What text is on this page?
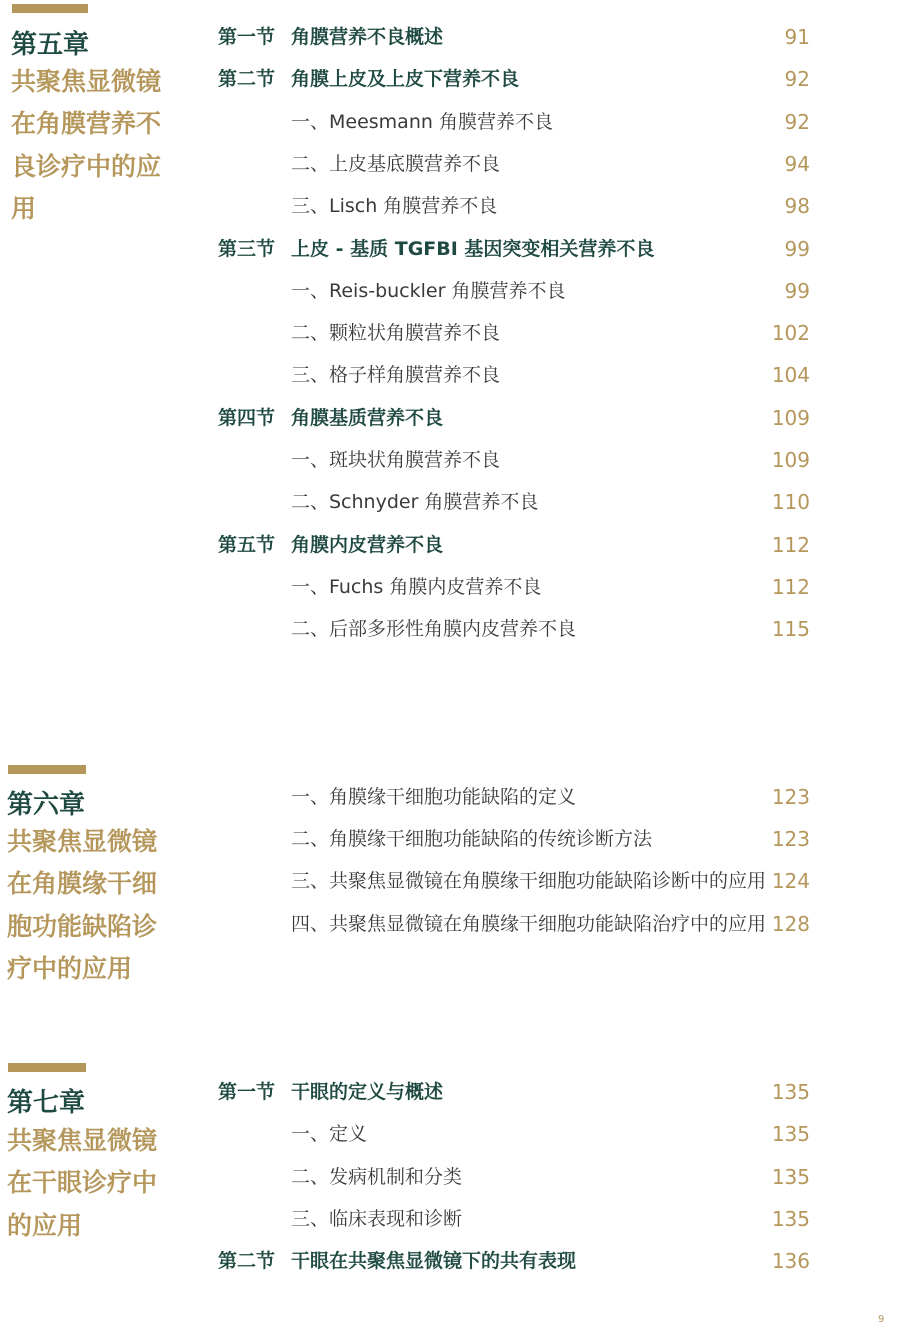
第五章
共聚焦显微镜
在角膜营养不
良诊疗中的应
用
第一节 角膜营养不良概述	91
第二节 角膜上皮及上皮下营养不良	92
一、Meesmann 角膜营养不良	92
二、上皮基底膜营养不良	94
三、Lisch 角膜营养不良	98
第三节 上皮 - 基质 TGFBI 基因突变相关营养不良	99
一、Reis-buckler 角膜营养不良	99
二、颗粒状角膜营养不良	102
三、格子样角膜营养不良	104
第四节 角膜基质营养不良	109
一、斑块状角膜营养不良	109
二、Schnyder 角膜营养不良	110
第五节 角膜内皮营养不良	112
一、Fuchs 角膜内皮营养不良	112
二、后部多形性角膜内皮营养不良	115
第六章
共聚焦显微镜
在角膜缘干细
胞功能缺陷诊
疗中的应用
一、角膜缘干细胞功能缺陷的定义	123
二、角膜缘干细胞功能缺陷的传统诊断方法	123
三、共聚焦显微镜在角膜缘干细胞功能缺陷诊断中的应用 124
四、共聚焦显微镜在角膜缘干细胞功能缺陷治疗中的应用 128
第七章
共聚焦显微镜
在干眼诊疗中
的应用
第一节 干眼的定义与概述	135
一、定义	135
二、发病机制和分类	135
三、临床表现和诊断	135
第二节 干眼在共聚焦显微镜下的共有表现	136
9
